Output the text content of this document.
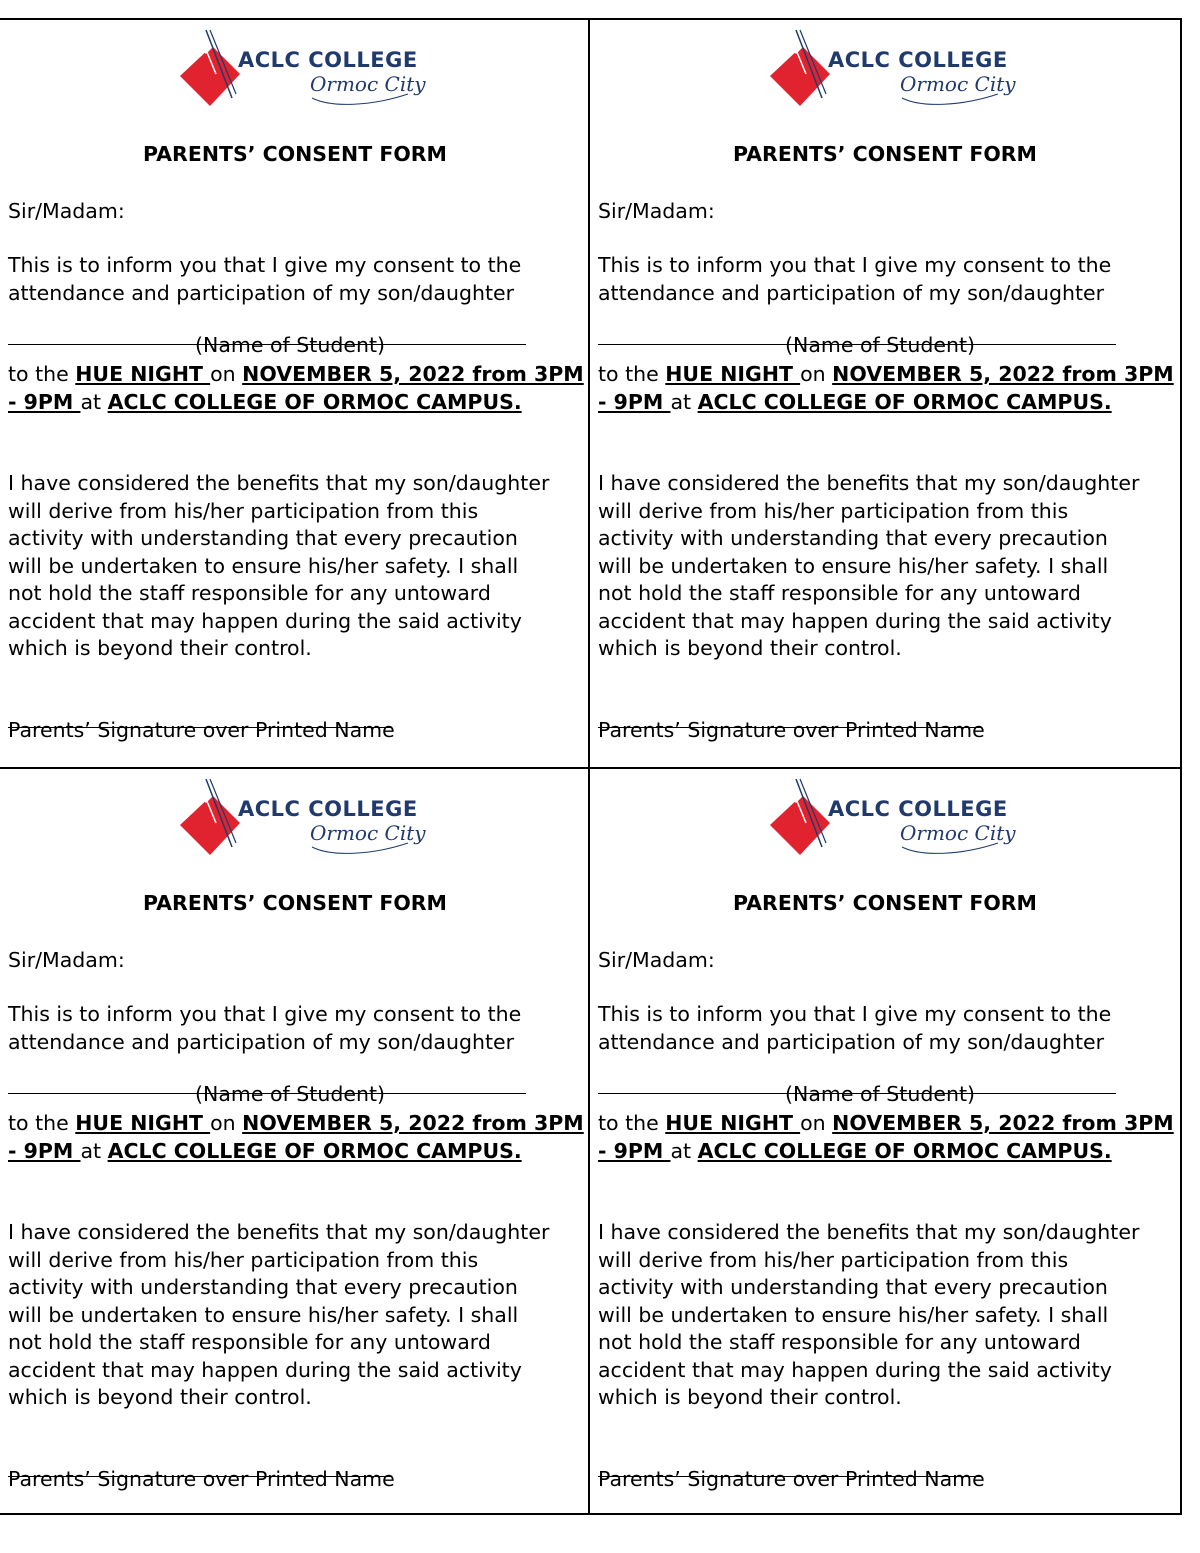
ACLC COLLEGE
Ormoc City
PARENTS’ CONSENT FORM
Sir/Madam:
This is to inform you that I give my consent to the
attendance and participation of my son/daughter
(Name of Student)
to the HUE NIGHT on NOVEMBER 5, 2022 from 3PM
- 9PM at ACLC COLLEGE OF ORMOC CAMPUS.
I have considered the benefits that my son/daughter
will derive from his/her participation from this
activity with understanding that every precaution
will be undertaken to ensure his/her safety. I shall
not hold the staff responsible for any untoward
accident that may happen during the said activity
which is beyond their control.
Parents’ Signature over Printed Name
ACLC COLLEGE
Ormoc City
PARENTS’ CONSENT FORM
Sir/Madam:
This is to inform you that I give my consent to the
attendance and participation of my son/daughter
(Name of Student)
to the HUE NIGHT on NOVEMBER 5, 2022 from 3PM
- 9PM at ACLC COLLEGE OF ORMOC CAMPUS.
I have considered the benefits that my son/daughter
will derive from his/her participation from this
activity with understanding that every precaution
will be undertaken to ensure his/her safety. I shall
not hold the staff responsible for any untoward
accident that may happen during the said activity
which is beyond their control.
Parents’ Signature over Printed Name
ACLC COLLEGE
Ormoc City
PARENTS’ CONSENT FORM
Sir/Madam:
This is to inform you that I give my consent to the
attendance and participation of my son/daughter
(Name of Student)
to the HUE NIGHT on NOVEMBER 5, 2022 from 3PM
- 9PM at ACLC COLLEGE OF ORMOC CAMPUS.
I have considered the benefits that my son/daughter
will derive from his/her participation from this
activity with understanding that every precaution
will be undertaken to ensure his/her safety. I shall
not hold the staff responsible for any untoward
accident that may happen during the said activity
which is beyond their control.
Parents’ Signature over Printed Name
ACLC COLLEGE
Ormoc City
PARENTS’ CONSENT FORM
Sir/Madam:
This is to inform you that I give my consent to the
attendance and participation of my son/daughter
(Name of Student)
to the HUE NIGHT on NOVEMBER 5, 2022 from 3PM
- 9PM at ACLC COLLEGE OF ORMOC CAMPUS.
I have considered the benefits that my son/daughter
will derive from his/her participation from this
activity with understanding that every precaution
will be undertaken to ensure his/her safety. I shall
not hold the staff responsible for any untoward
accident that may happen during the said activity
which is beyond their control.
Parents’ Signature over Printed Name
